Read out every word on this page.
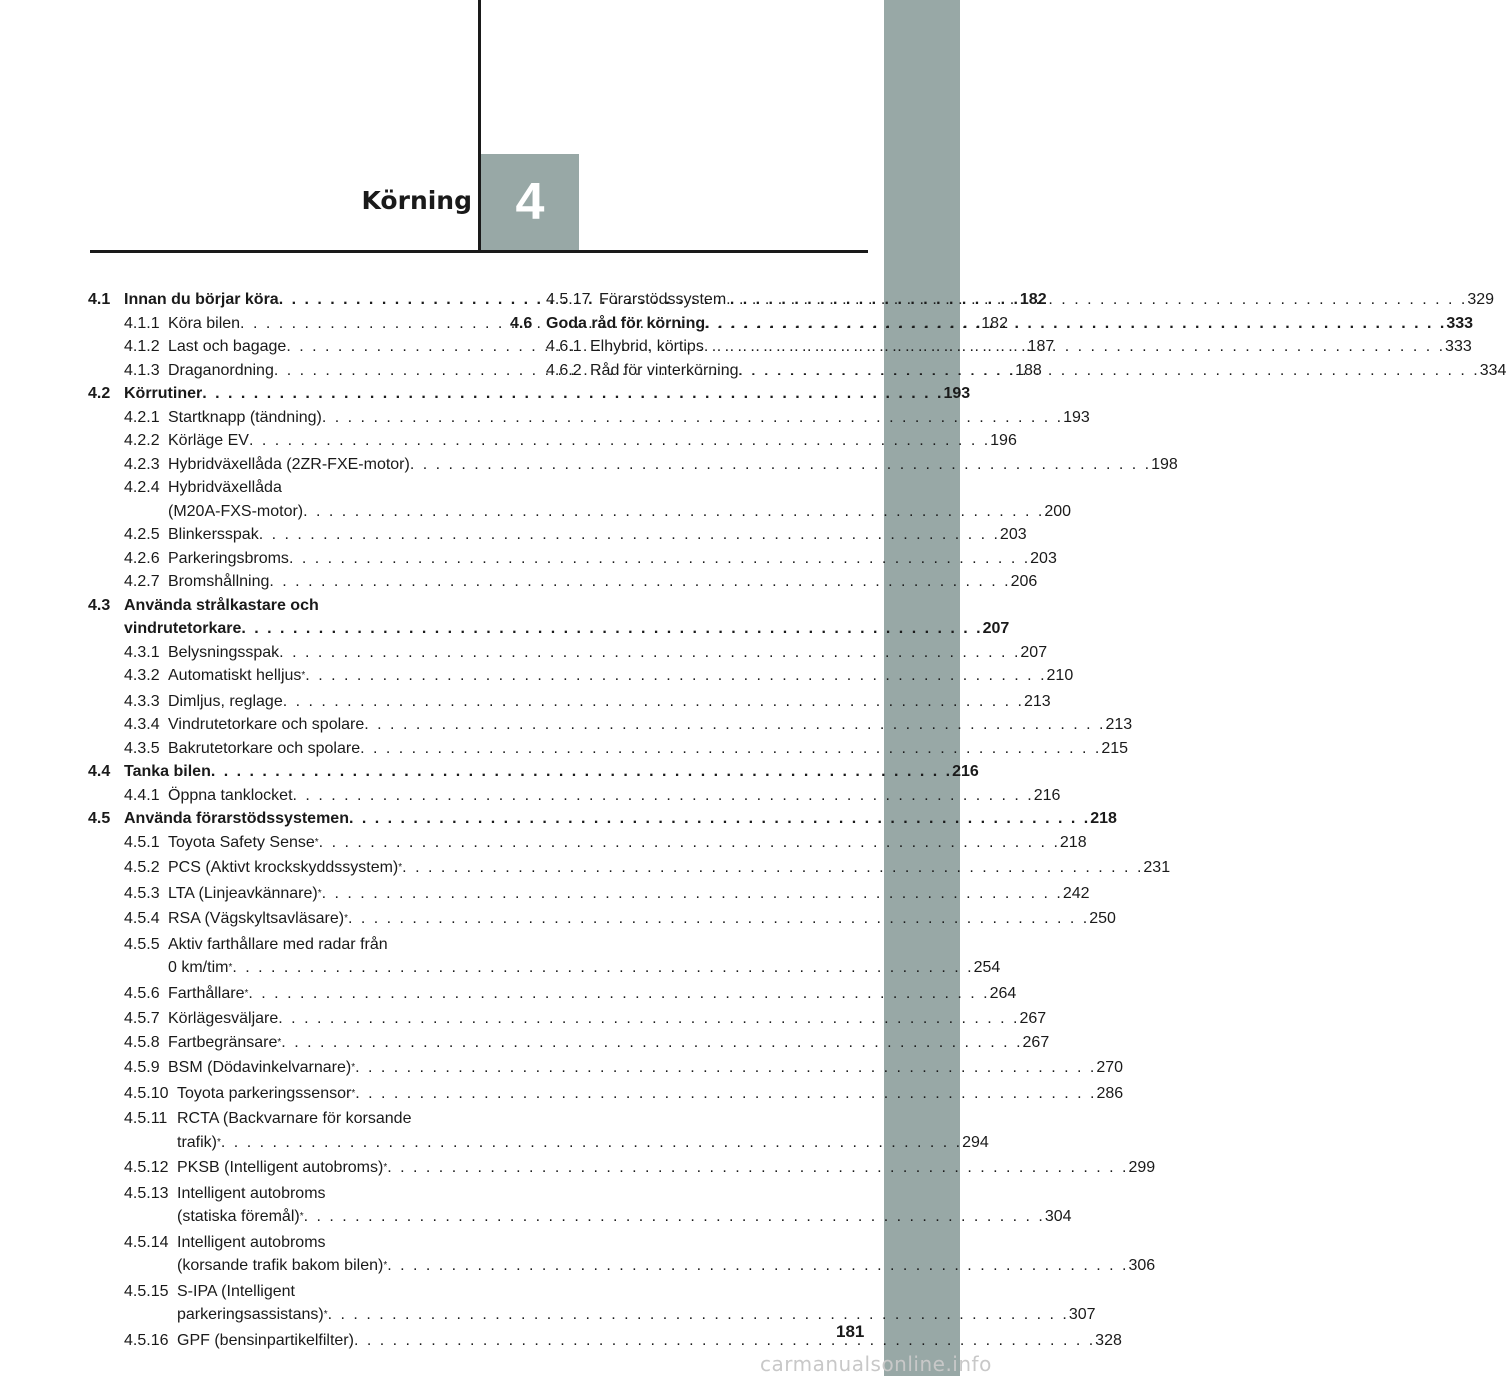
Körning 4
4.1 Innan du börjar köra . . .	182
4.1.1 Köra bilen . . .	182
4.1.2 Last och bagage . . .	187
4.1.3 Draganordning . . .	188
4.2 Körrutiner . . .	193
4.2.1 Startknapp (tändning) . . .	193
4.2.2 Körläge EV . . .	196
4.2.3 Hybridväxellåda (2ZR-FXE-motor) . . .	198
4.2.4 Hybridväxellåda
(M20A-FXS-motor) . . .	200
4.2.5 Blinkersspak . . .	203
4.2.6 Parkeringsbroms . . .	203
4.2.7 Bromshållning . . .	206
4.3 Använda strålkastare och
vindrutetorkare . . .	207
4.3.1 Belysningsspak . . .	207
4.3.2 Automatiskt helljus* . . .	210
4.3.3 Dimljus, reglage . . .	213
4.3.4 Vindrutetorkare och spolare . . .	213
4.3.5 Bakrutetorkare och spolare . . .	215
4.4 Tanka bilen . . .	216
4.4.1 Öppna tanklocket . . .	216
4.5 Använda förarstödssystemen . . .	218
4.5.1 Toyota Safety Sense* . . .	218
4.5.2 PCS (Aktivt krockskyddssystem)* . . .	231
4.5.3 LTA (Linjeavkännare)* . . .	242
4.5.4 RSA (Vägskyltsavläsare)* . . .	250
4.5.5 Aktiv farthållare med radar från
0 km/tim* . . .	254
4.5.6 Farthållare* . . .	264
4.5.7 Körlägesväljare . . .	267
4.5.8 Fartbegränsare* . . .	267
4.5.9 BSM (Dödavinkelvarnare)* . . .	270
4.5.10 Toyota parkeringssensor* . . .	286
4.5.11 RCTA (Backvarnare för korsande
trafik)* . . .	294
4.5.12 PKSB (Intelligent autobroms)* . . .	299
4.5.13 Intelligent autobroms
(statiska föremål) * . . .	304
4.5.14 Intelligent autobroms
(korsande trafik bakom bilen)* . . .	306
4.5.15 S-IPA (Intelligent
parkeringsassistans)* . . .	307
4.5.16 GPF (bensinpartikelfilter) . . .	328
4.5.17 Förarstödssystem . . .	329
4.6 Goda råd för körning . . .	333
4.6.1 Elhybrid, körtips . . .	333
4.6.2 Råd för vinterkörning . . .	334
181
carmanualsonline.info
